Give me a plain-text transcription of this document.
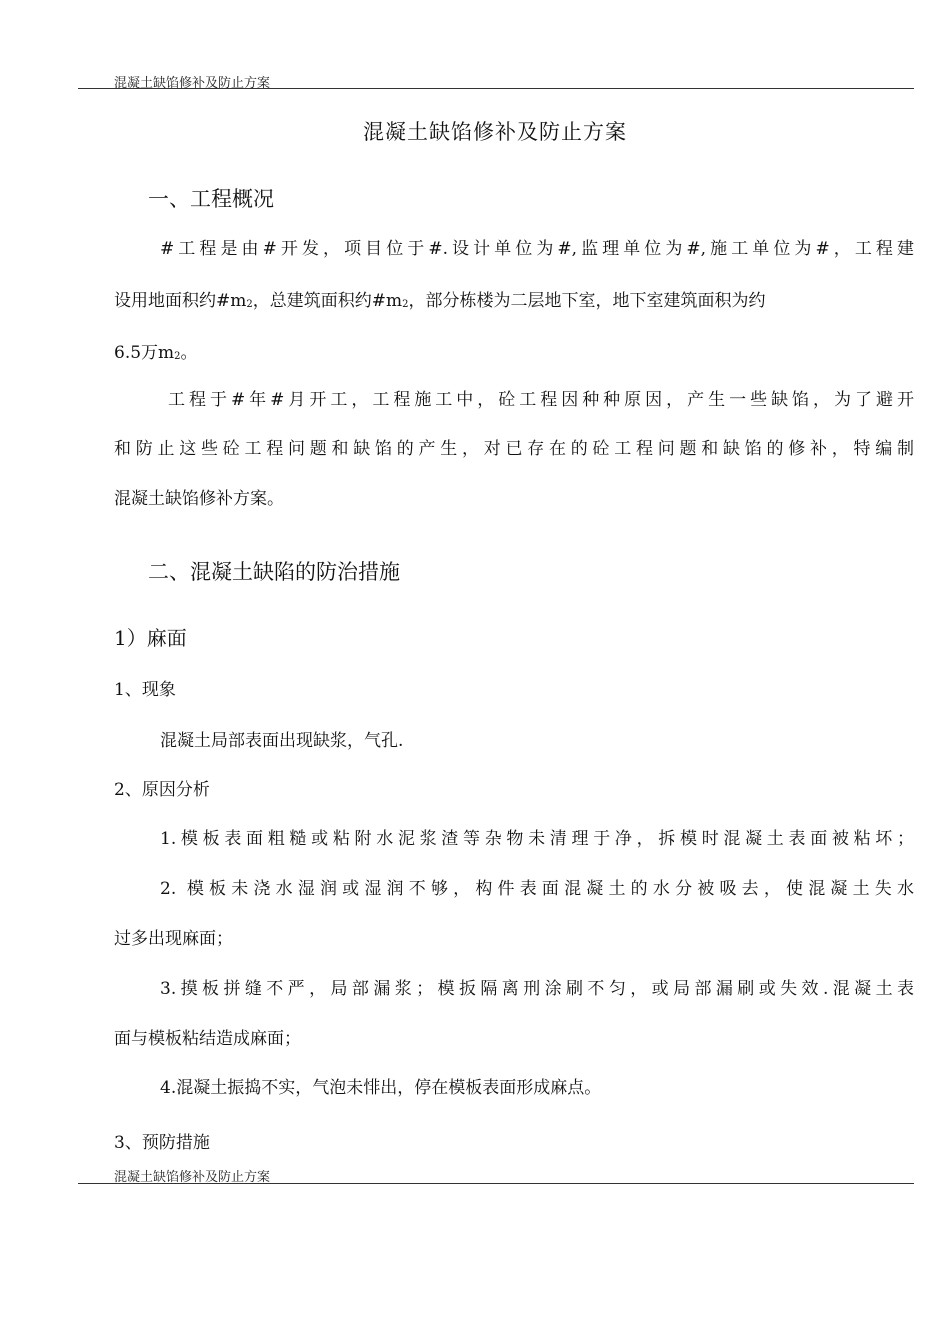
混凝土缺馅修补及防止方案
混凝土缺馅修补及防止方案
一、工程概况
#工程是由#开发，项目位于#.设计单位为#,监理单位为#,施工单位为#，工程建
设用地面积约$\#m_2$，总建筑面积约$\#m_2$，部分栋楼为二层地下室，地下室建筑面积为约
6.5万$m_2$。
工程于#年#月开工，工程施工中，砼工程因种种原因，产生一些缺馅，为了避开
和防止这些砼工程问题和缺馅的产生，对已存在的砼工程问题和缺馅的修补，特编制
混凝土缺馅修补方案。
二、混凝土缺陷的防治措施
1）麻面
1、现象
混凝土局部表面出现缺浆，气孔.
2、原因分析
1.模板表面粗糙或粘附水泥浆渣等杂物未清理于净，拆模时混凝土表面被粘坏；
2. 模板未浇水湿润或湿润不够，构件表面混凝土的水分被吸去，使混凝土失水
过多出现麻面；
3.摸板拼缝不严，局部漏浆；模扳隔离刑涂刷不匀，或局部漏刷或失效.混凝土表
面与模板粘结造成麻面；
4.混凝土振捣不实，气泡未悱出，停在模板表面形成麻点。
3、预防措施
混凝土缺馅修补及防止方案
